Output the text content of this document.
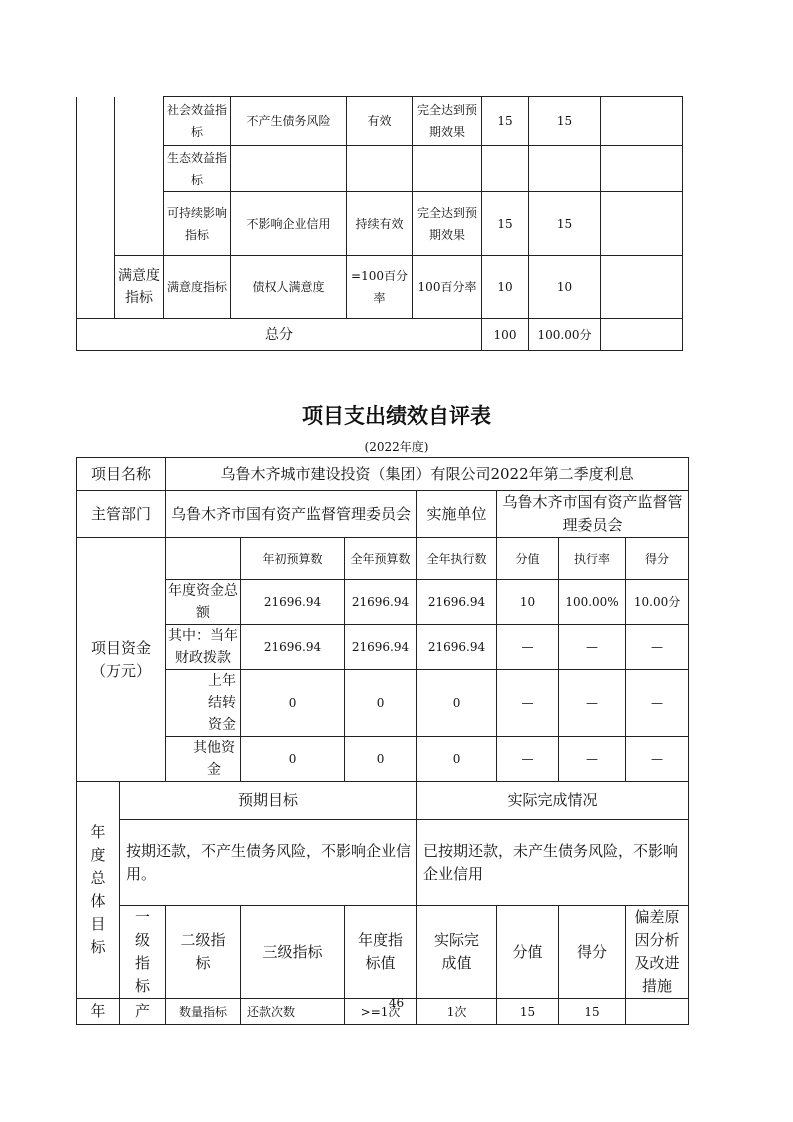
		社会效益指标	不产生债务风险	有效	完全达到预期效果	15	15	
		生态效益指标						
		可持续影响指标	不影响企业信用	持续有效	完全达到预期效果	15	15	
	满意度指标	满意度指标	债权人满意度	=100百分率	100百分率	10	10	
总分						100	100.00分	
项目支出绩效自评表
(2022年度)
项目名称		乌鲁木齐城市建设投资（集团）有限公司2022年第二季度利息						
主管部门		乌鲁木齐市国有资产监督管理委员会			实施单位	乌鲁木齐市国有资产监督管理委员会		
项目资金（万元）			年初预算数	全年预算数	全年执行数	分值	执行率	得分
		年度资金总额	21696.94	21696.94	21696.94	10	100.00%	10.00分
		其中：当年财政拨款	21696.94	21696.94	21696.94	—	—	—
		上年结转资金	0	0	0	—	—	—
		其他资金	0	0	0	—	—	—
年度总体目标	预期目标				实际完成情况			
	按期还款，不产生债务风险，不影响企业信用。				已按期还款，未产生债务风险，不影响企业信用			
	一级指标	二级指标	三级指标	年度指标值	实际完成值	分值	得分	偏差原因分析及改进措施
年	产	数量指标	还款次数	>=1次	1次	15	15	
46
